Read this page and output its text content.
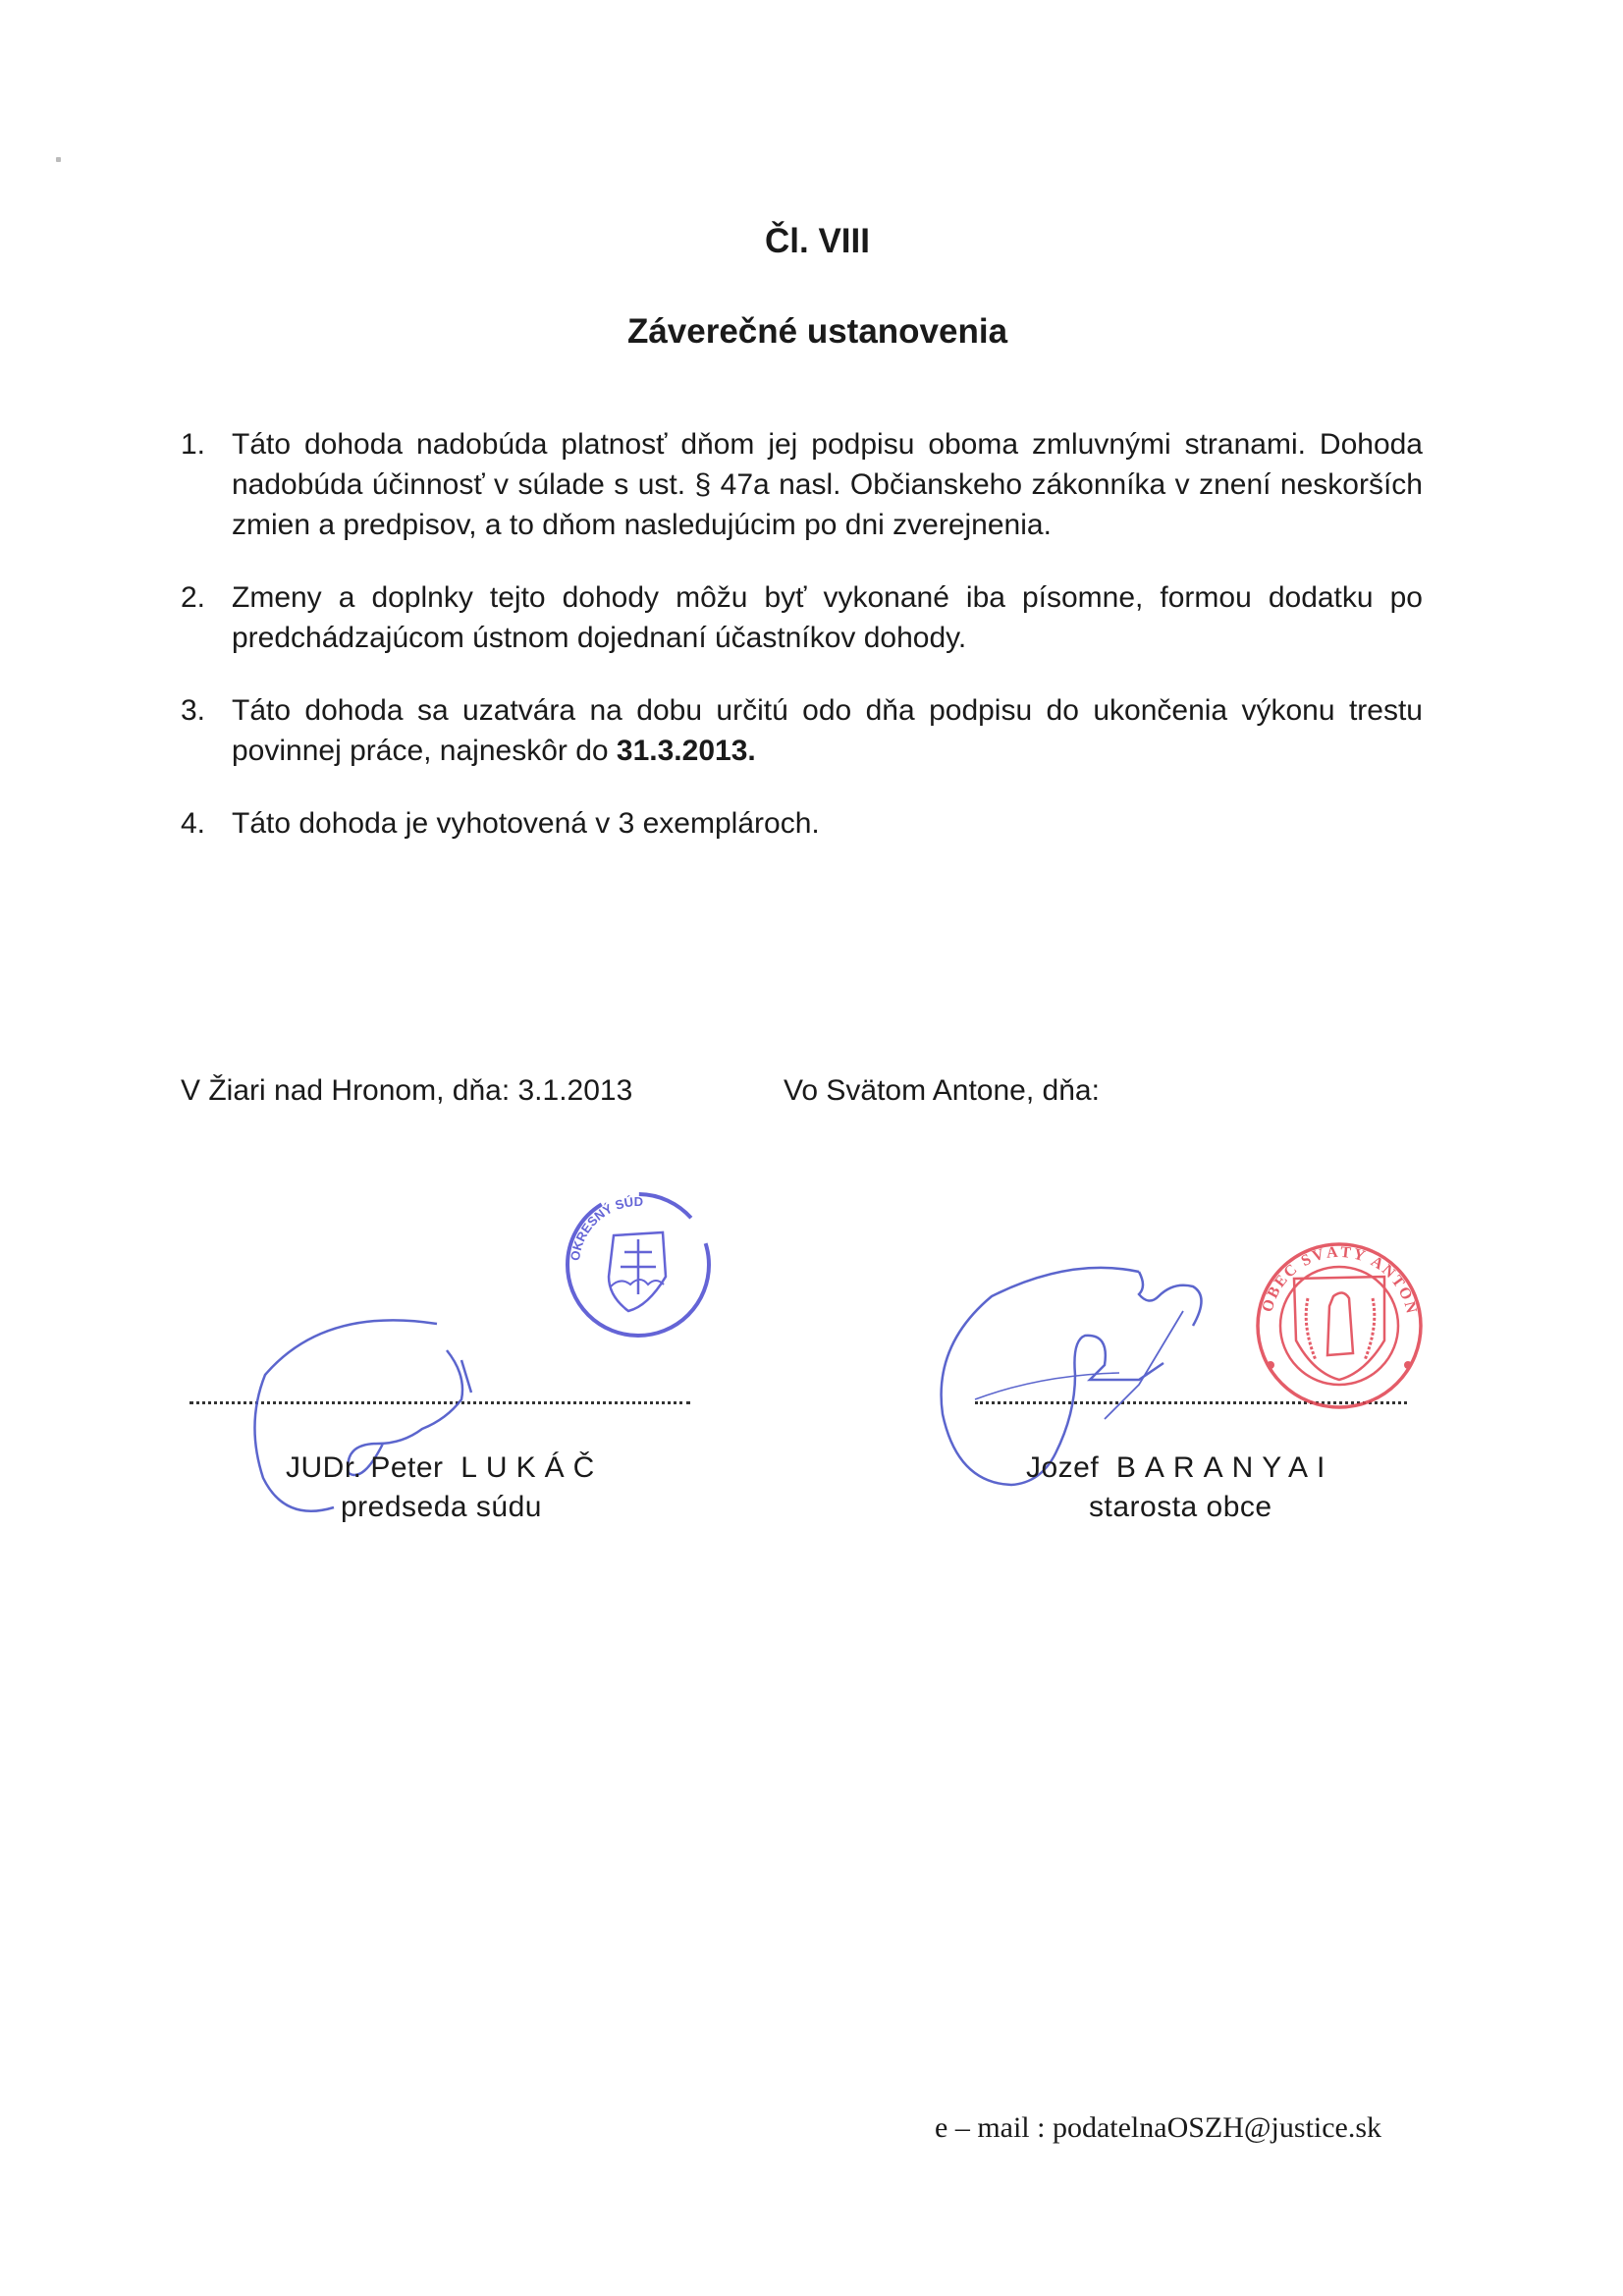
Čl. VIII
Záverečné ustanovenia
1. Táto dohoda nadobúda platnosť dňom jej podpisu oboma zmluvnými stranami. Dohoda nadobúda účinnosť v súlade s ust. § 47a nasl. Občianskeho zákonníka v znení neskorších zmien a predpisov, a to dňom nasledujúcim po dni zverejnenia.
2. Zmeny a doplnky tejto dohody môžu byť vykonané iba písomne, formou dodatku po predchádzajúcom ústnom dojednaní účastníkov dohody.
3. Táto dohoda sa uzatvára na dobu určitú odo dňa podpisu do ukončenia výkonu trestu povinnej práce, najneskôr do 31.3.2013.
4. Táto dohoda je vyhotovená v 3 exemplároch.
V Žiari nad Hronom, dňa: 3.1.2013	Vo Svätom Antone, dňa:
OKRESNÝ SÚD
OBEC SVÄTÝ ANTON
JUDr. Peter LUKÁČ
predseda súdu
Jozef BARANYAI
starosta obce
e – mail : podatelnaOSZH@justice.sk
